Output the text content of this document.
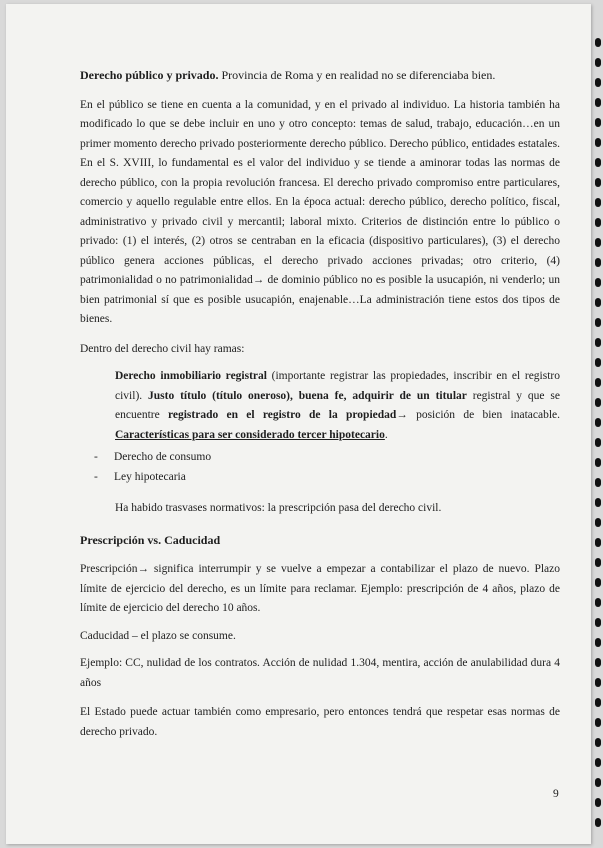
Derecho público y privado. Provincia de Roma y en realidad no se diferenciaba bien.

En el público se tiene en cuenta a la comunidad, y en el privado al individuo. La historia también ha modificado lo que se debe incluir en uno y otro concepto: temas de salud, trabajo, educación…en un primer momento derecho privado posteriormente derecho público. Derecho público, entidades estatales. En el S. XVIII, lo fundamental es el valor del individuo y se tiende a aminorar todas las normas de derecho público, con la propia revolución francesa. El derecho privado compromiso entre particulares, comercio y aquello regulable entre ellos. En la época actual: derecho público, derecho político, fiscal, administrativo y privado civil y mercantil; laboral mixto. Criterios de distinción entre lo público o privado: (1) el interés, (2) otros se centraban en la eficacia (dispositivo particulares), (3) el derecho público genera acciones públicas, el derecho privado acciones privadas; otro criterio, (4) patrimonialidad o no patrimonialidad→ de dominio público no es posible la usucapión, ni venderlo; un bien patrimonial sí que es posible usucapión, enajenable…La administración tiene estos dos tipos de bienes.

Dentro del derecho civil hay ramas:

Derecho inmobiliario registral (importante registrar las propiedades, inscribir en el registro civil). Justo título (título oneroso), buena fe, adquirir de un titular registral y que se encuentre registrado en el registro de la propiedad→ posición de bien inatacable. Características para ser considerado tercer hipotecario.

- Derecho de consumo
- Ley hipotecaria

Ha habido trasvases normativos: la prescripción pasa del derecho civil.

Prescripción vs. Caducidad

Prescripción→ significa interrumpir y se vuelve a empezar a contabilizar el plazo de nuevo. Plazo límite de ejercicio del derecho, es un límite para reclamar. Ejemplo: prescripción de 4 años, plazo de límite de ejercicio del derecho 10 años.

Caducidad – el plazo se consume.

Ejemplo: CC, nulidad de los contratos. Acción de nulidad 1.304, mentira, acción de anulabilidad dura 4 años

El Estado puede actuar también como empresario, pero entonces tendrá que respetar esas normas de derecho privado.

9
